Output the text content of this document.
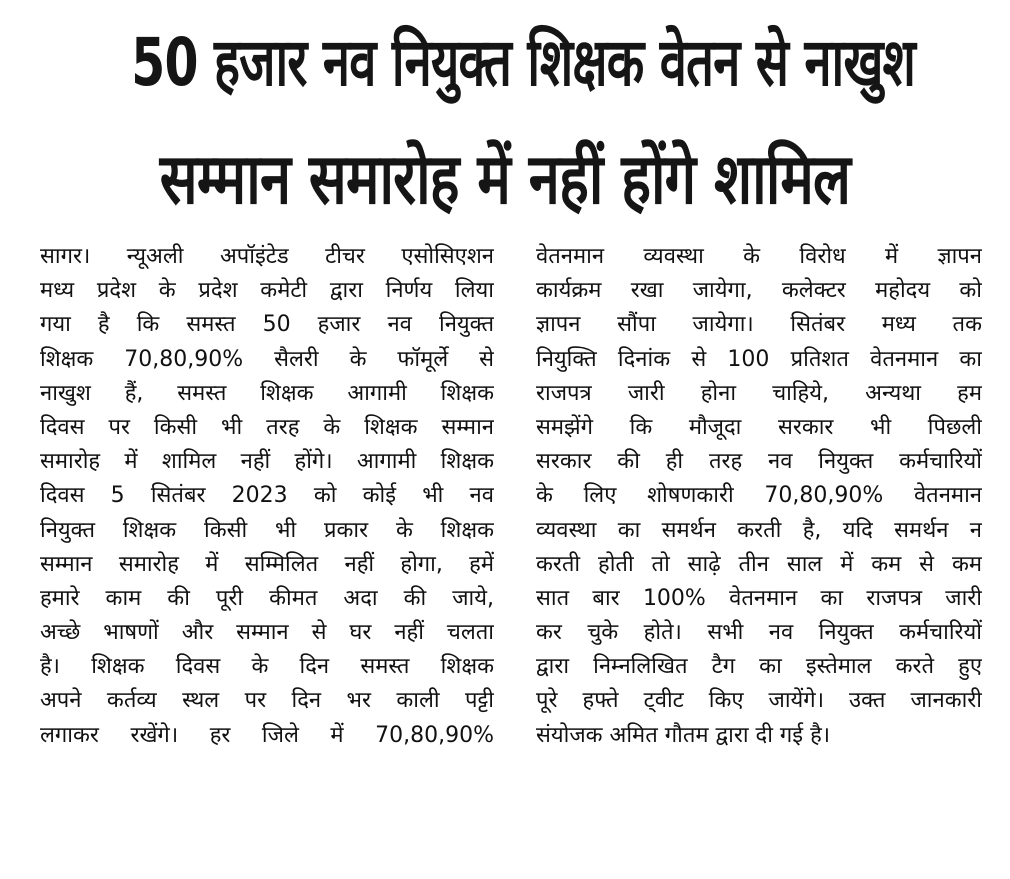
50 हजार नव नियुक्त शिक्षक वेतन से नाखुश
सम्मान समारोह में नहीं होंगे शामिल
सागर। न्यूअली अपॉइंटेड टीचर एसोसिएशन
मध्य प्रदेश के प्रदेश कमेटी द्वारा निर्णय लिया
गया है कि समस्त 50 हजार नव नियुक्त
शिक्षक 70,80,90% सैलरी के फॉमूर्ले से
नाखुश हैं, समस्त शिक्षक आगामी शिक्षक
दिवस पर किसी भी तरह के शिक्षक सम्मान
समारोह में शामिल नहीं होंगे। आगामी शिक्षक
दिवस 5 सितंबर 2023 को कोई भी नव
नियुक्त शिक्षक किसी भी प्रकार के शिक्षक
सम्मान समारोह में सम्मिलित नहीं होगा, हमें
हमारे काम की पूरी कीमत अदा की जाये,
अच्छे भाषणों और सम्मान से घर नहीं चलता
है। शिक्षक दिवस के दिन समस्त शिक्षक
अपने कर्तव्य स्थल पर दिन भर काली पट्टी
लगाकर रखेंगे। हर जिले में 70,80,90%
वेतनमान व्यवस्था के विरोध में ज्ञापन
कार्यक्रम रखा जायेगा, कलेक्टर महोदय को
ज्ञापन सौंपा जायेगा। सितंबर मध्य तक
नियुक्ति दिनांक से 100 प्रतिशत वेतनमान का
राजपत्र जारी होना चाहिये, अन्यथा हम
समझेंगे कि मौजूदा सरकार भी पिछली
सरकार की ही तरह नव नियुक्त कर्मचारियों
के लिए शोषणकारी 70,80,90% वेतनमान
व्यवस्था का समर्थन करती है, यदि समर्थन न
करती होती तो साढ़े तीन साल में कम से कम
सात बार 100% वेतनमान का राजपत्र जारी
कर चुके होते। सभी नव नियुक्त कर्मचारियों
द्वारा निम्नलिखित टैग का इस्तेमाल करते हुए
पूरे हफ्ते ट्वीट किए जायेंगे। उक्त जानकारी
संयोजक अमित गौतम द्वारा दी गई है।
